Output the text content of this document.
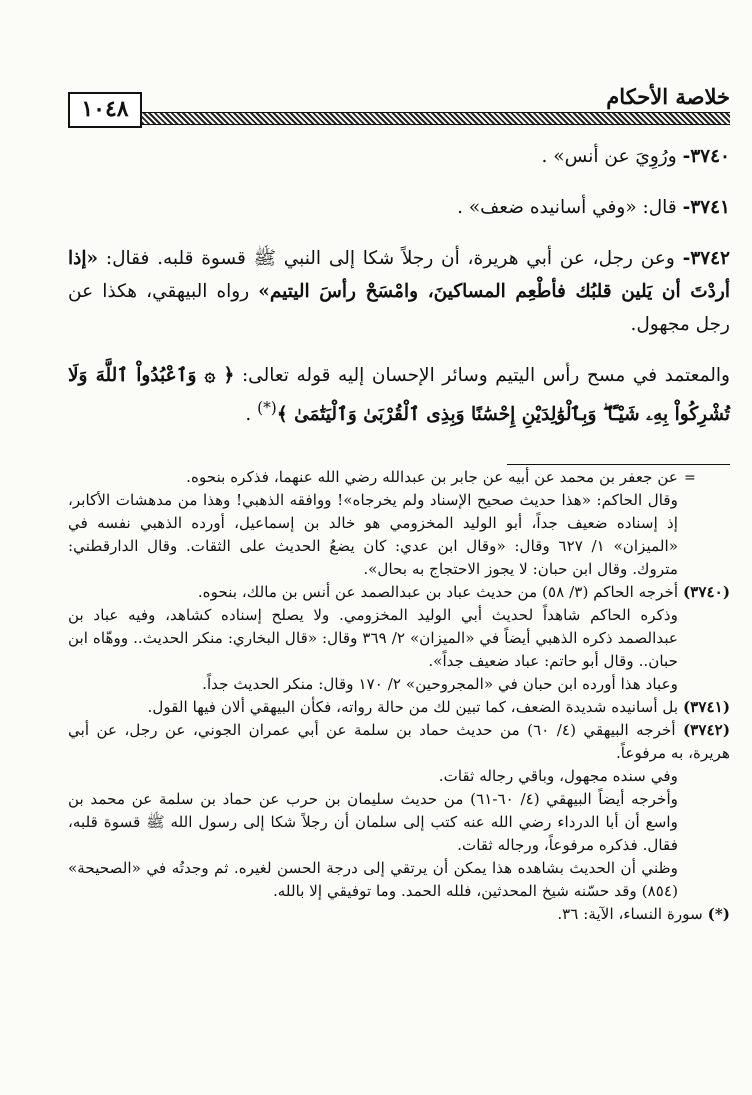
خلاصة الأحكام
١٠٤٨

٣٧٤٠- ورُوِيَ عن أنس» .

٣٧٤١- قال: «وفي أسانيده ضعف» .

٣٧٤٢- وعن رجل، عن أبي هريرة، أن رجلاً شكا إلى النبي ﷺ قسوة قلبه. فقال: «إذا أردْتَ أن يَلين قلبُك فأطْعِم المساكينَ، وامْسَحْ رأسَ اليتيم» رواه البيهقي، هكذا عن رجل مجهول.

والمعتمد في مسح رأس اليتيم وسائر الإحسان إليه قوله تعالى: ﴿ ۞ وَٱعْبُدُواْ ٱللَّهَ وَلَا تُشْرِكُواْ بِهِۦ شَيْـًٔا ۖ وَبِٱلْوَٰلِدَيْنِ إِحْسَٰنًا وَبِذِى ٱلْقُرْبَىٰ وَٱلْيَتَٰمَىٰ ﴾(*) .

=

عن جعفر بن محمد عن أبيه عن جابر بن عبدالله رضي الله عنهما، فذكره بنحوه.

وقال الحاكم: «هذا حديث صحيح الإسناد ولم يخرجاه»! ووافقه الذهبي! وهذا من مدهشات الأكابر، إذ إسناده ضعيف جداً، أبو الوليد المخزومي هو خالد بن إسماعيل، أورده الذهبي نفسه في «الميزان» ١/ ٦٢٧ وقال: «وقال ابن عدي: كان يضعُ الحديث على الثقات. وقال الدارقطني: متروك. وقال ابن حبان: لا يجوز الاحتجاج به بحال».

(٣٧٤٠) أخرجه الحاكم (٣/ ٥٨) من حديث عباد بن عبدالصمد عن أنس بن مالك، بنحوه.

وذكره الحاكم شاهداً لحديث أبي الوليد المخزومي. ولا يصلح إسناده كشاهد، وفيه عباد بن عبدالصمد ذكره الذهبي أيضاً في «الميزان» ٢/ ٣٦٩ وقال: «قال البخاري: منكر الحديث.. ووهّاه ابن حبان.. وقال أبو حاتم: عباد ضعيف جداً».

وعباد هذا أورده ابن حبان في «المجروحين» ٢/ ١٧٠ وقال: منكر الحديث جداً.

(٣٧٤١) بل أسانيده شديدة الضعف، كما تبين لك من حالة رواته، فكأن البيهقي ألان فيها القول.

(٣٧٤٢) أخرجه البيهقي (٤/ ٦٠) من حديث حماد بن سلمة عن أبي عمران الجوني، عن رجل، عن أبي هريرة، به مرفوعاً.

وفي سنده مجهول، وباقي رجاله ثقات.

وأخرجه أيضاً البيهقي (٤/ ٦٠-٦١) من حديث سليمان بن حرب عن حماد بن سلمة عن محمد بن واسع أن أبا الدرداء رضي الله عنه كتب إلى سلمان أن رجلاً شكا إلى رسول الله ﷺ قسوة قلبه، فقال. فذكره مرفوعاً، ورجاله ثقات.

وظني أن الحديث بشاهده هذا يمكن أن يرتقي إلى درجة الحسن لغيره. ثم وجدتُه في «الصحيحة» (٨٥٤) وقد حسّنه شيخ المحدثين، فلله الحمد. وما توفيقي إلا بالله.

(*) سورة النساء، الآية: ٣٦.
